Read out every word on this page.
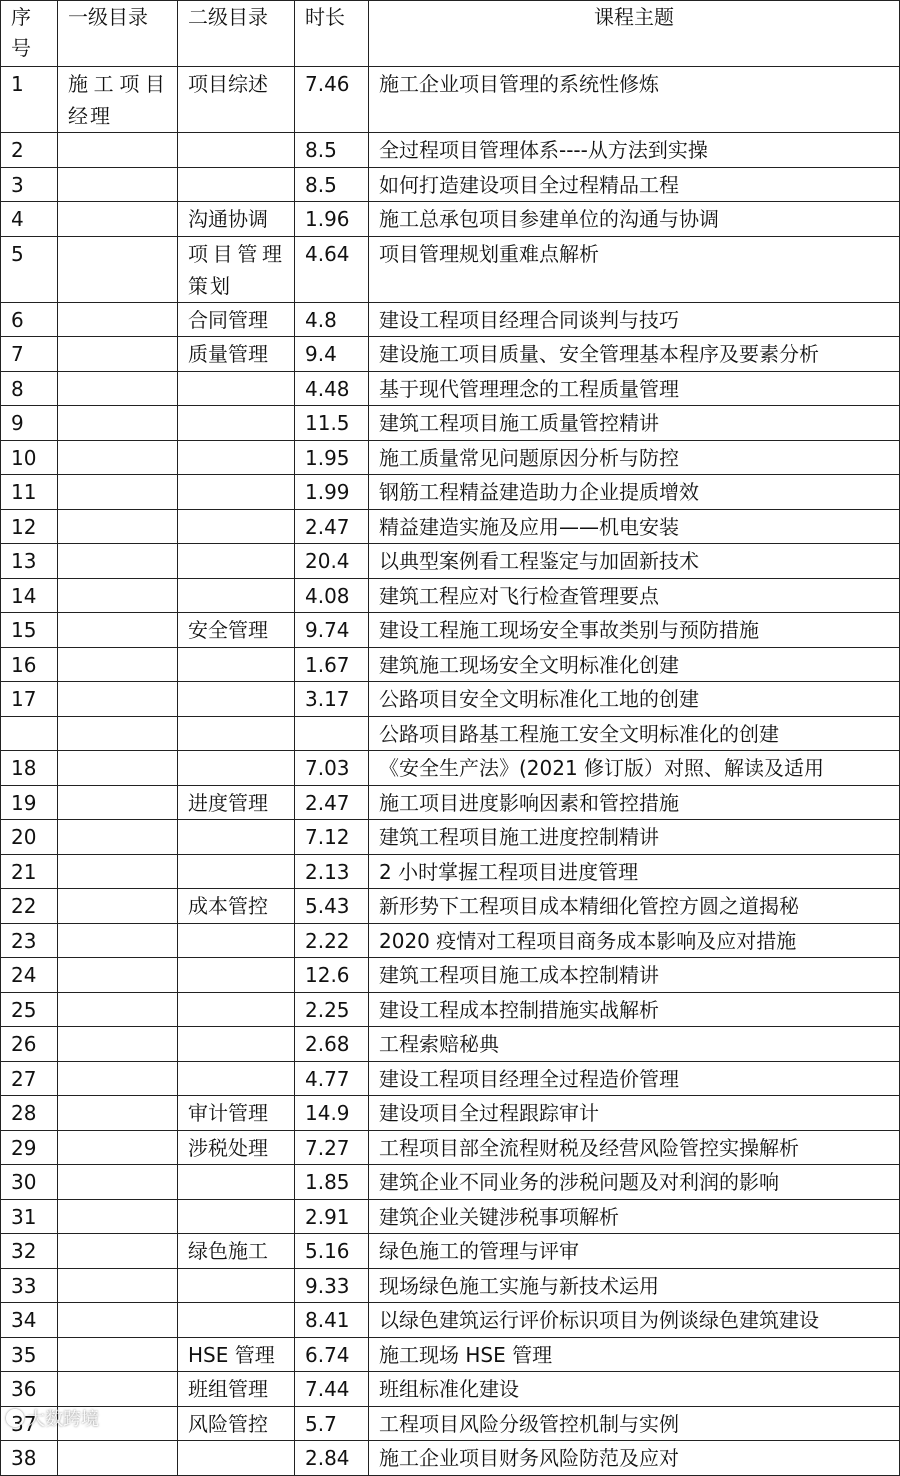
序号	一级目录	二级目录	时长	课程主题
1	施工项目经理	项目综述	7.46	施工企业项目管理的系统性修炼
2			8.5	全过程项目管理体系----从方法到实操
3			8.5	如何打造建设项目全过程精品工程
4		沟通协调	1.96	施工总承包项目参建单位的沟通与协调
5		项目管理策划	4.64	项目管理规划重难点解析
6		合同管理	4.8	建设工程项目经理合同谈判与技巧
7		质量管理	9.4	建设施工项目质量、安全管理基本程序及要素分析
8			4.48	基于现代管理理念的工程质量管理
9			11.5	建筑工程项目施工质量管控精讲
10			1.95	施工质量常见问题原因分析与防控
11			1.99	钢筋工程精益建造助力企业提质增效
12			2.47	精益建造实施及应用——机电安装
13			20.4	以典型案例看工程鉴定与加固新技术
14			4.08	建筑工程应对飞行检查管理要点
15		安全管理	9.74	建设工程施工现场安全事故类别与预防措施
16			1.67	建筑施工现场安全文明标准化创建
17			3.17	公路项目安全文明标准化工地的创建
				公路项目路基工程施工安全文明标准化的创建
18			7.03	《安全生产法》(2021 修订版）对照、解读及适用
19		进度管理	2.47	施工项目进度影响因素和管控措施
20			7.12	建筑工程项目施工进度控制精讲
21			2.13	2 小时掌握工程项目进度管理
22		成本管控	5.43	新形势下工程项目成本精细化管控方圆之道揭秘
23			2.22	2020 疫情对工程项目商务成本影响及应对措施
24			12.6	建筑工程项目施工成本控制精讲
25			2.25	建设工程成本控制措施实战解析
26			2.68	工程索赔秘典
27			4.77	建设工程项目经理全过程造价管理
28		审计管理	14.9	建设项目全过程跟踪审计
29		涉税处理	7.27	工程项目部全流程财税及经营风险管控实操解析
30			1.85	建筑企业不同业务的涉税问题及对利润的影响
31			2.91	建筑企业关键涉税事项解析
32		绿色施工	5.16	绿色施工的管理与评审
33			9.33	现场绿色施工实施与新技术运用
34			8.41	以绿色建筑运行评价标识项目为例谈绿色建筑建设
35		HSE 管理	6.74	施工现场 HSE 管理
36		班组管理	7.44	班组标准化建设
37		风险管控	5.7	工程项目风险分级管控机制与实例
38			2.84	施工企业项目财务风险防范及应对
大数跨境
